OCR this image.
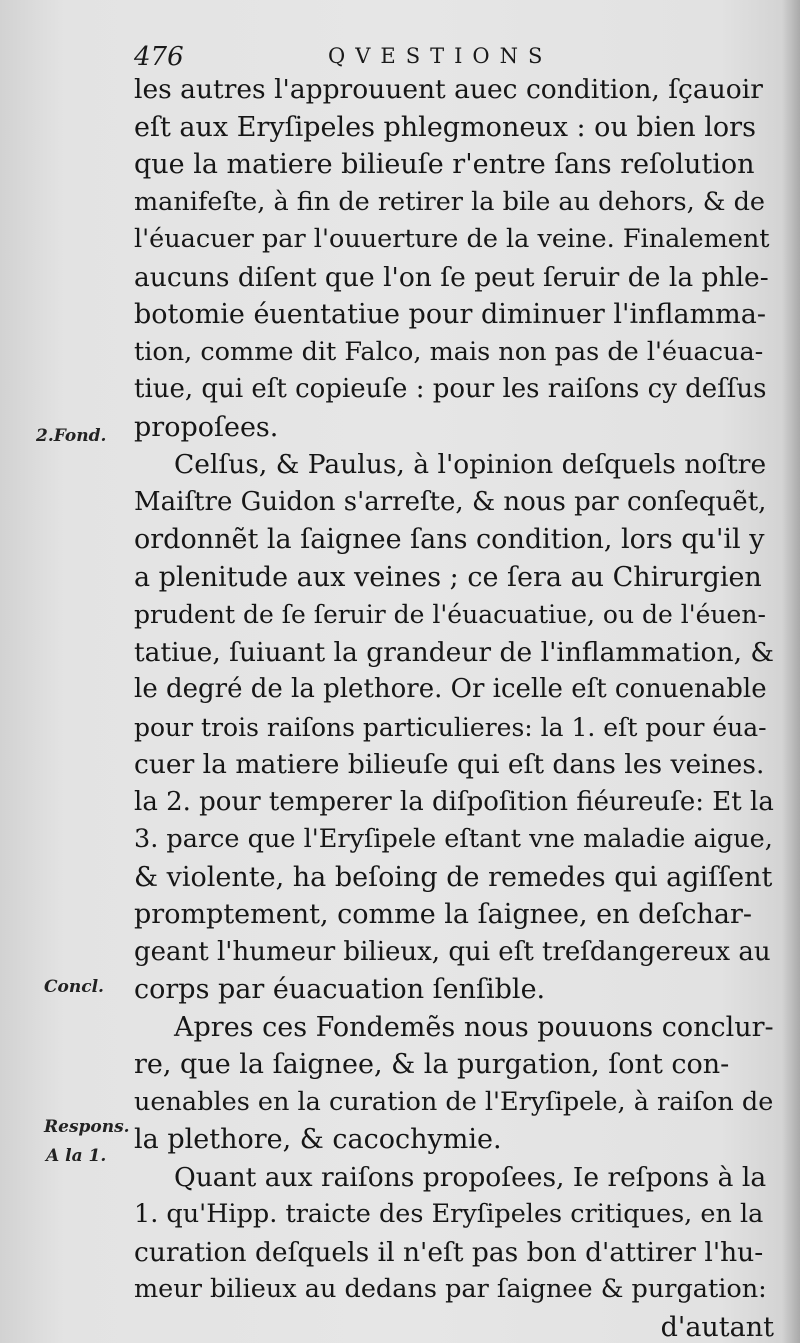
476	QVESTIONS
2.Fond.
Concl.
Respons.
A la 1.
les autres l'approuuent auec condition, ſçauoir
eſt aux Eryſipeles phlegmoneux : ou bien lors
que la matiere bilieuſe r'entre ſans reſolution
manifeſte, à fin de retirer la bile au dehors, & de
l'éuacuer par l'ouuerture de la veine. Finalement
aucuns diſent que l'on ſe peut ſeruir de la phle-
botomie éuentatiue pour diminuer l'inflamma-
tion, comme dit Falco, mais non pas de l'éuacua-
tiue, qui eſt copieuſe : pour les raiſons cy deſſus
propoſees.
Celſus, & Paulus, à l'opinion deſquels noſtre
Maiſtre Guidon s'arreſte, & nous par conſequẽt,
ordonnẽt la ſaignee ſans condition, lors qu'il y
a plenitude aux veines ; ce ſera au Chirurgien
prudent de ſe ſeruir de l'éuacuatiue, ou de l'éuen-
tatiue, ſuiuant la grandeur de l'inflammation, &
le degré de la plethore. Or icelle eſt conuenable
pour trois raiſons particulieres: la 1. eſt pour éua-
cuer la matiere bilieuſe qui eſt dans les veines.
la 2. pour temperer la diſpoſition fiéureuſe: Et la
3. parce que l'Eryſipele eſtant vne maladie aigue,
& violente, ha beſoing de remedes qui agiſſent
promptement, comme la ſaignee, en deſchar-
geant l'humeur bilieux, qui eſt treſdangereux au
corps par éuacuation ſenſible.
Apres ces Fondemẽs nous pouuons conclur-
re, que la ſaignee, & la purgation, ſont con-
uenables en la curation de l'Eryſipele, à raiſon de
la plethore, & cacochymie.
Quant aux raiſons propoſees, Ie reſpons à la
1. qu'Hipp. traicte des Eryſipeles critiques, en la
curation deſquels il n'eſt pas bon d'attirer l'hu-
meur bilieux au dedans par ſaignee & purgation:
d'autant
